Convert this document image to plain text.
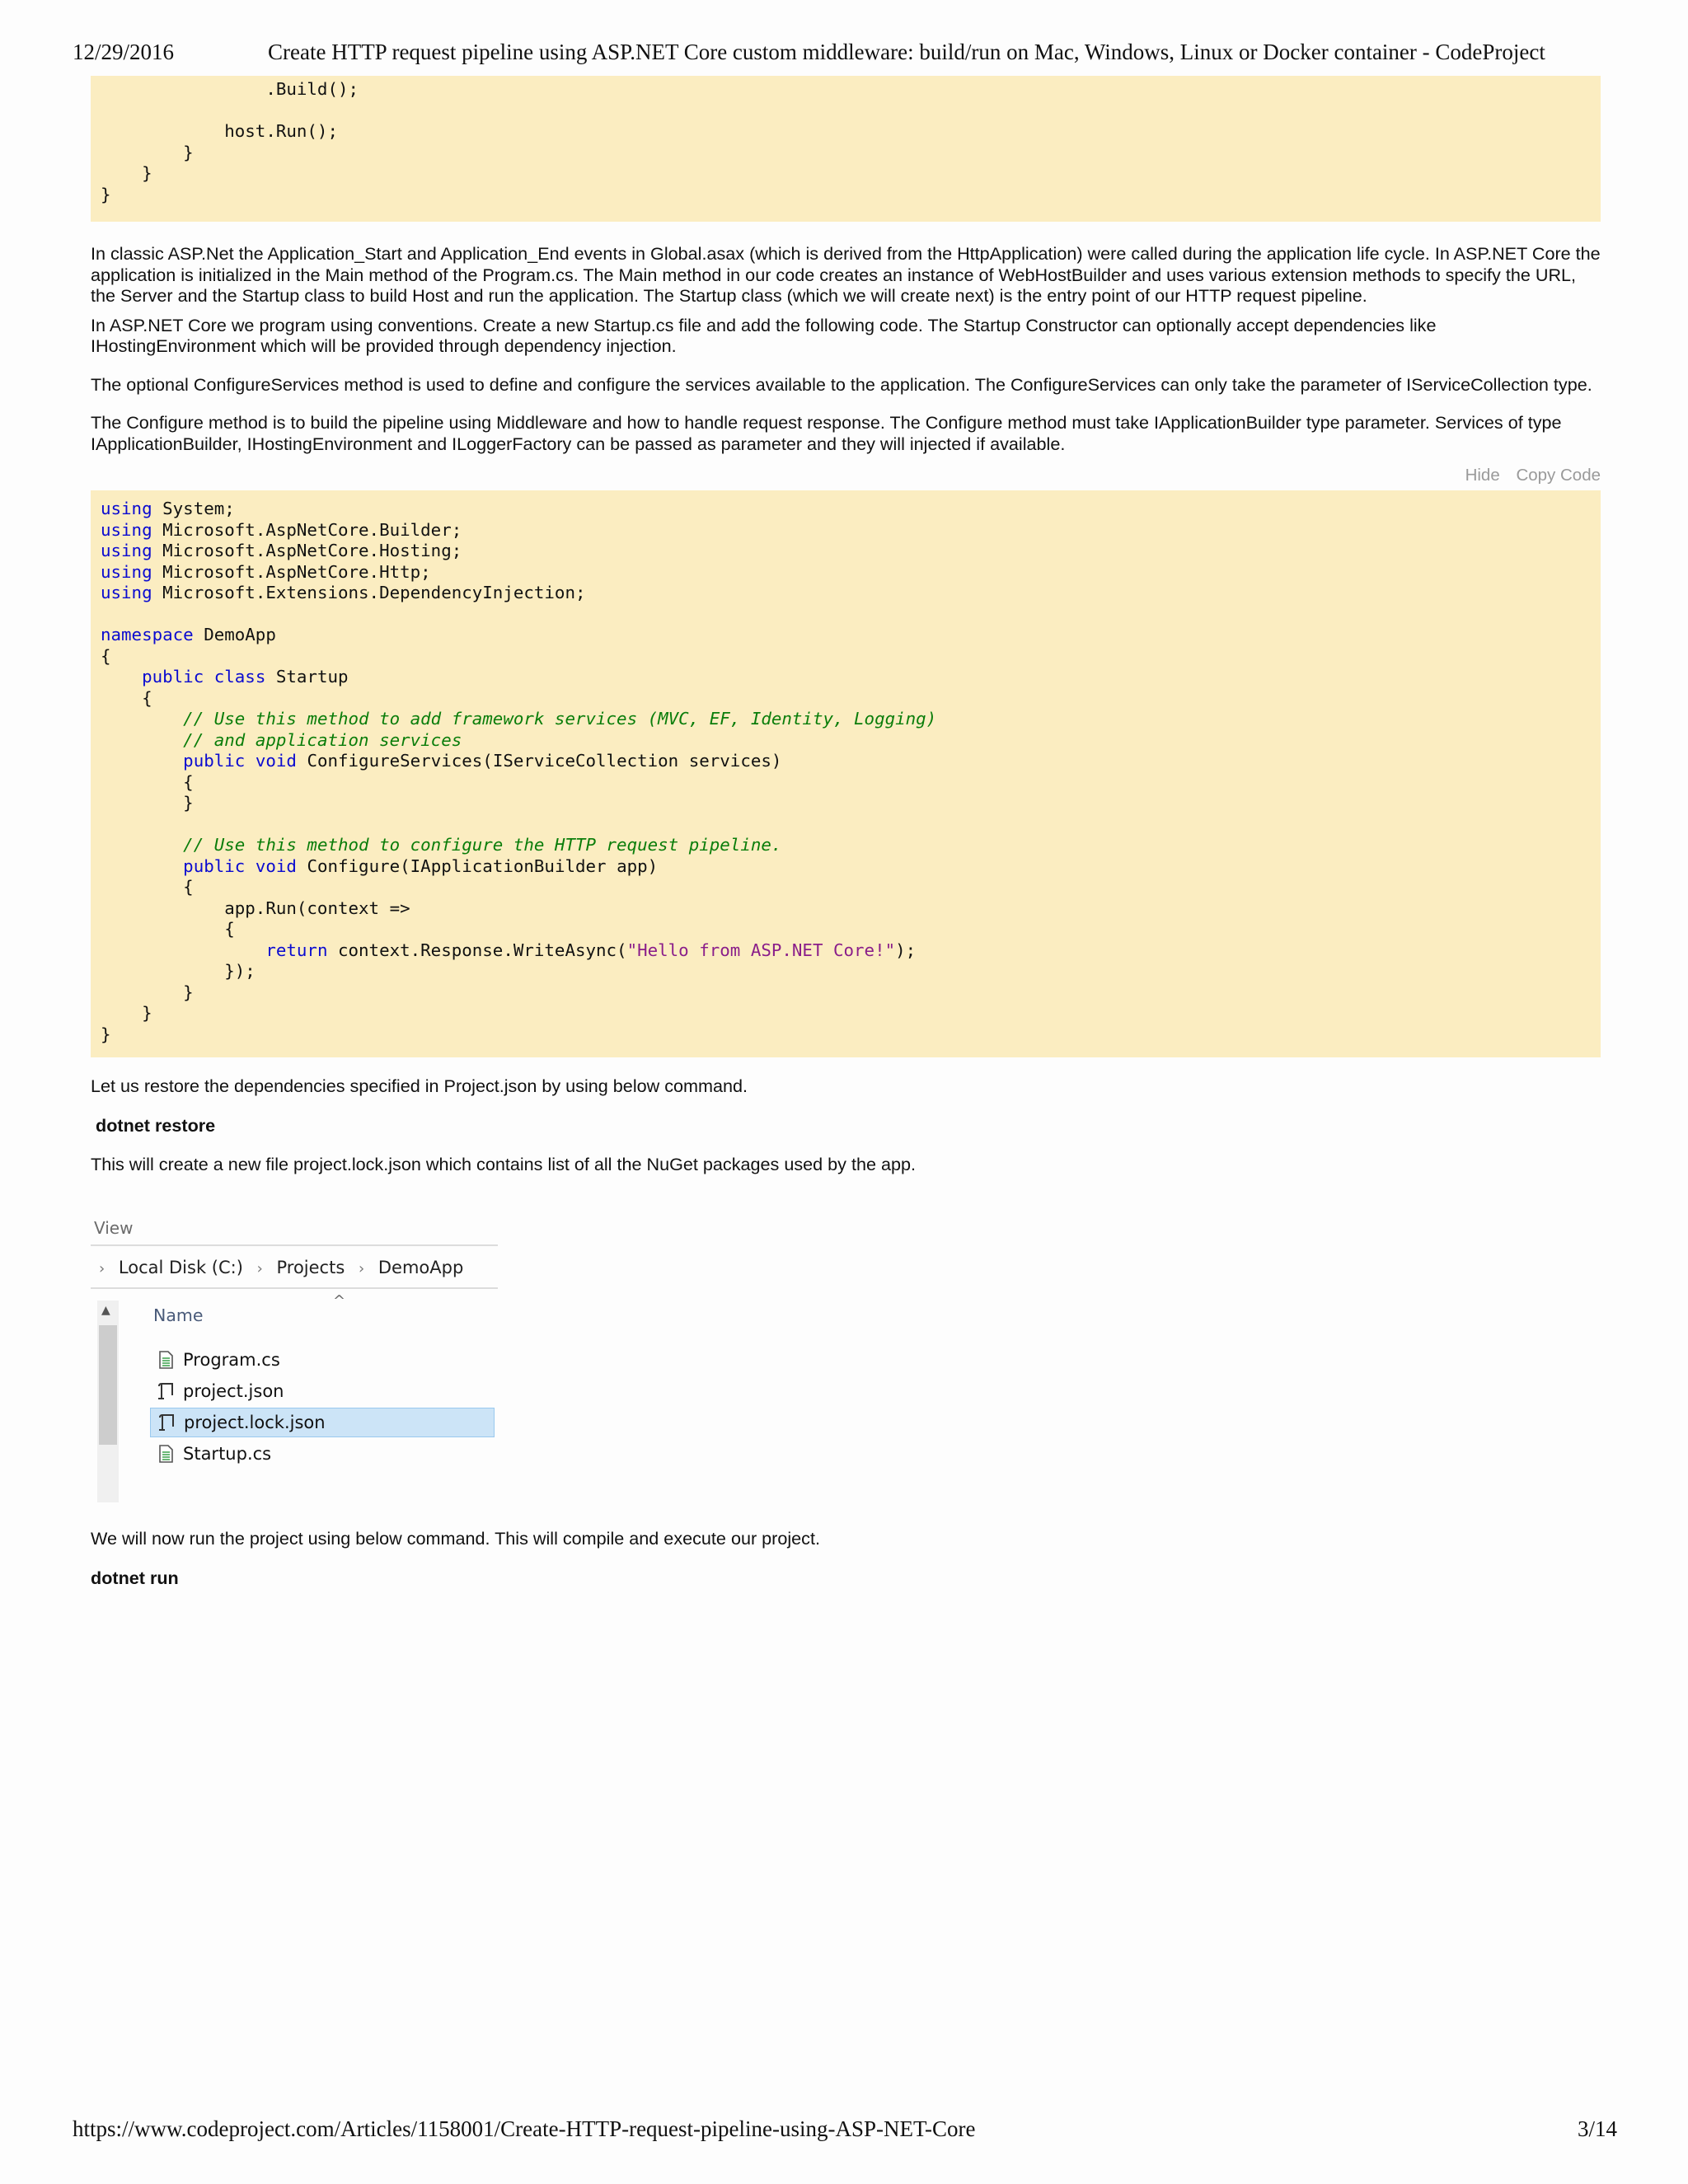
12/29/2016	Create HTTP request pipeline using ASP.NET Core custom middleware: build/run on Mac, Windows, Linux or Docker container - CodeProject
.Build();

host.Run();
}
}
}

In classic ASP.Net the Application_Start and Application_End events in Global.asax (which is derived from the HttpApplication) were called during the application life cycle. In ASP.NET Core the application is initialized in the Main method of the Program.cs. The Main method in our code creates an instance of WebHostBuilder and uses various extension methods to specify the URL, the Server and the Startup class to build Host and run the application. The Startup class (which we will create next) is the entry point of our HTTP request pipeline.

In ASP.NET Core we program using conventions. Create a new Startup.cs file and add the following code. The Startup Constructor can optionally accept dependencies like IHostingEnvironment which will be provided through dependency injection.

The optional ConfigureServices method is used to define and configure the services available to the application. The ConfigureServices can only take the parameter of IServiceCollection type.

The Configure method is to build the pipeline using Middleware and how to handle request response. The Configure method must take IApplicationBuilder type parameter. Services of type IApplicationBuilder, IHostingEnvironment and ILoggerFactory can be passed as parameter and they will injected if available.

Hide Copy Code
using System;
using Microsoft.AspNetCore.Builder;
using Microsoft.AspNetCore.Hosting;
using Microsoft.AspNetCore.Http;
using Microsoft.Extensions.DependencyInjection;

namespace DemoApp
{
public class Startup
{
// Use this method to add framework services (MVC, EF, Identity, Logging)
// and application services
public void ConfigureServices(IServiceCollection services)
{
}

// Use this method to configure the HTTP request pipeline.
public void Configure(IApplicationBuilder app)
{
app.Run(context =>
{
return context.Response.WriteAsync("Hello from ASP.NET Core!");
});
}
}
}

Let us restore the dependencies specified in Project.json by using below command.

dotnet restore

This will create a new file project.lock.json which contains list of all the NuGet packages used by the app.

View
› Local Disk (C:) › Projects › DemoApp
▲
^
Name
Program.cs
project.json
project.lock.json
Startup.cs

We will now run the project using below command. This will compile and execute our project.

dotnet run

https://www.codeproject.com/Articles/1158001/Create-HTTP-request-pipeline-using-ASP-NET-Core	3/14
